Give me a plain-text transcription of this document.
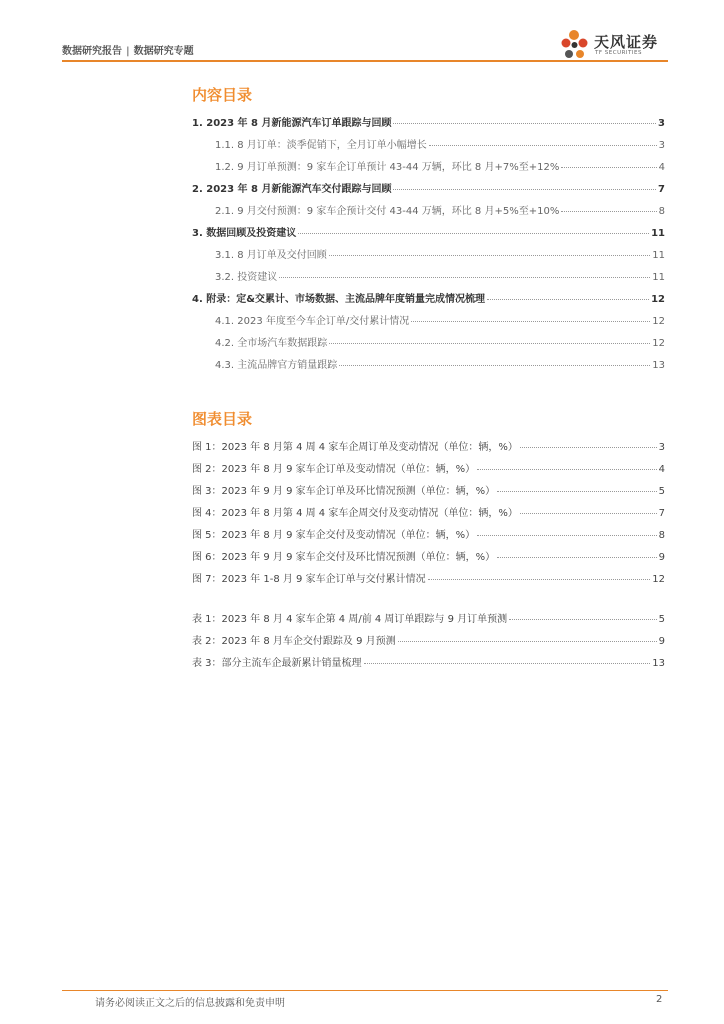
数据研究报告 | 数据研究专题
天风证券
TF SECURITIES
内容目录
1. 2023 年 8 月新能源汽车订单跟踪与回顾	3
1.1. 8 月订单：淡季促销下，全月订单小幅增长	3
1.2. 9 月订单预测：9 家车企订单预计 43-44 万辆，环比 8 月+7%至+12%	4
2. 2023 年 8 月新能源汽车交付跟踪与回顾	7
2.1. 9 月交付预测：9 家车企预计交付 43-44 万辆，环比 8 月+5%至+10%	8
3. 数据回顾及投资建议	11
3.1. 8 月订单及交付回顾	11
3.2. 投资建议	11
4. 附录：定&交累计、市场数据、主流品牌年度销量完成情况梳理	12
4.1. 2023 年度至今车企订单/交付累计情况	12
4.2. 全市场汽车数据跟踪	12
4.3. 主流品牌官方销量跟踪	13
图表目录
图 1：2023 年 8 月第 4 周 4 家车企周订单及变动情况（单位：辆，%）	3
图 2：2023 年 8 月 9 家车企订单及变动情况（单位：辆，%）	4
图 3：2023 年 9 月 9 家车企订单及环比情况预测（单位：辆，%）	5
图 4：2023 年 8 月第 4 周 4 家车企周交付及变动情况（单位：辆，%）	7
图 5：2023 年 8 月 9 家车企交付及变动情况（单位：辆，%）	8
图 6：2023 年 9 月 9 家车企交付及环比情况预测（单位：辆，%）	9
图 7：2023 年 1-8 月 9 家车企订单与交付累计情况	12
表 1：2023 年 8 月 4 家车企第 4 周/前 4 周订单跟踪与 9 月订单预测	5
表 2：2023 年 8 月车企交付跟踪及 9 月预测	9
表 3：部分主流车企最新累计销量梳理	13
请务必阅读正文之后的信息披露和免责申明	2
